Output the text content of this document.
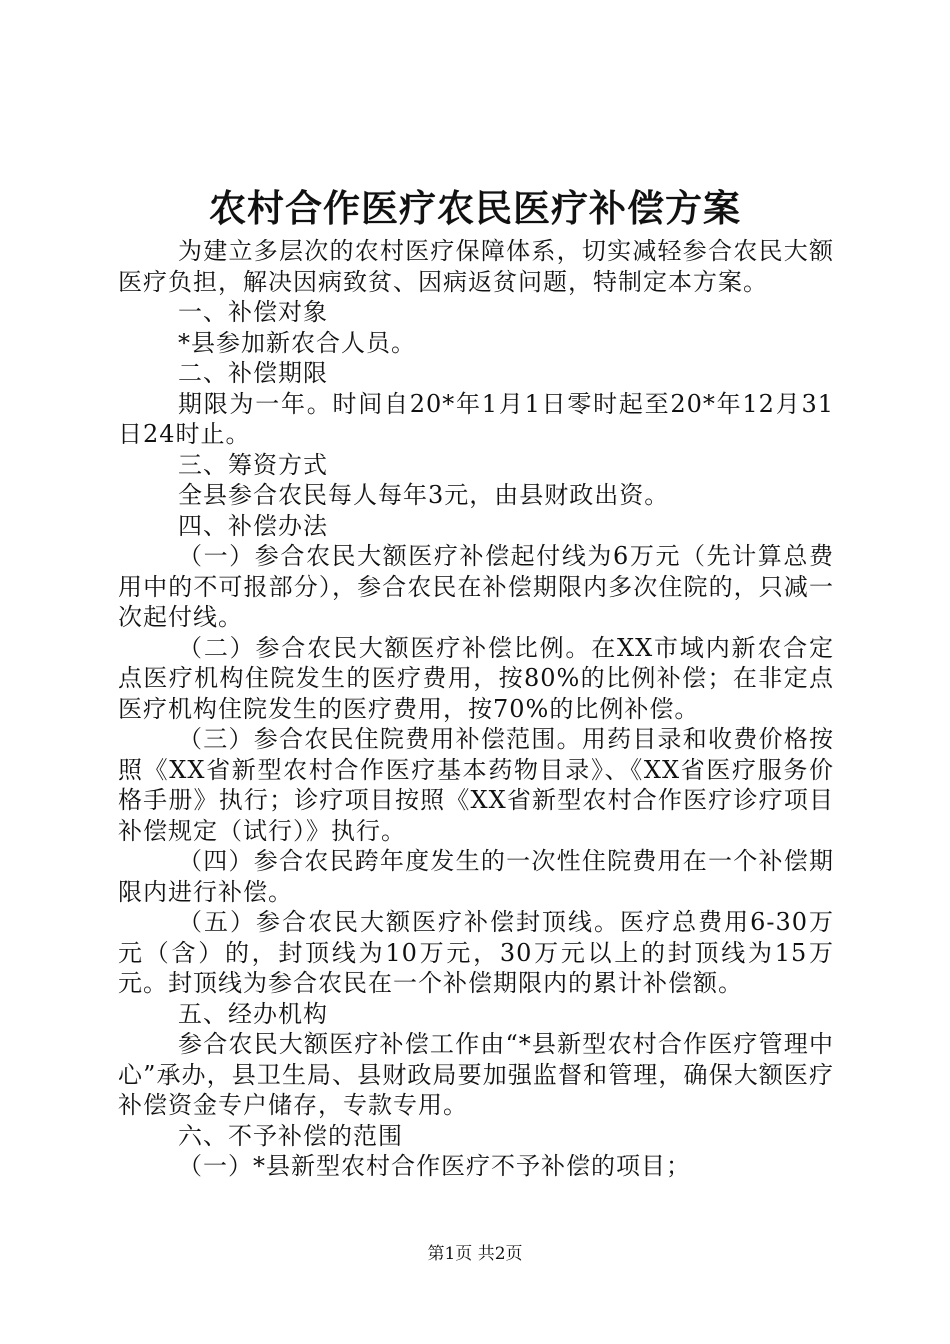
农村合作医疗农民医疗补偿方案

为建立多层次的农村医疗保障体系，切实减轻参合农民大额医疗负担，解决因病致贫、因病返贫问题，特制定本方案。

一、补偿对象

*县参加新农合人员。

二、补偿期限

期限为一年。时间自20*年1月1日零时起至20*年12月31日24时止。

三、筹资方式

全县参合农民每人每年3元，由县财政出资。

四、补偿办法

（一）参合农民大额医疗补偿起付线为6万元（先计算总费用中的不可报部分），参合农民在补偿期限内多次住院的，只减一次起付线。

（二）参合农民大额医疗补偿比例。在XX市域内新农合定点医疗机构住院发生的医疗费用，按80%的比例补偿；在非定点医疗机构住院发生的医疗费用，按70%的比例补偿。

（三）参合农民住院费用补偿范围。用药目录和收费价格按照《XX省新型农村合作医疗基本药物目录》、《XX省医疗服务价格手册》执行；诊疗项目按照《XX省新型农村合作医疗诊疗项目补偿规定（试行）》执行。

（四）参合农民跨年度发生的一次性住院费用在一个补偿期限内进行补偿。

（五）参合农民大额医疗补偿封顶线。医疗总费用6-30万元（含）的，封顶线为10万元，30万元以上的封顶线为15万元。封顶线为参合农民在一个补偿期限内的累计补偿额。

五、经办机构

参合农民大额医疗补偿工作由“*县新型农村合作医疗管理中心”承办，县卫生局、县财政局要加强监督和管理，确保大额医疗补偿资金专户储存，专款专用。

六、不予补偿的范围

（一）*县新型农村合作医疗不予补偿的项目；

第1页 共2页
